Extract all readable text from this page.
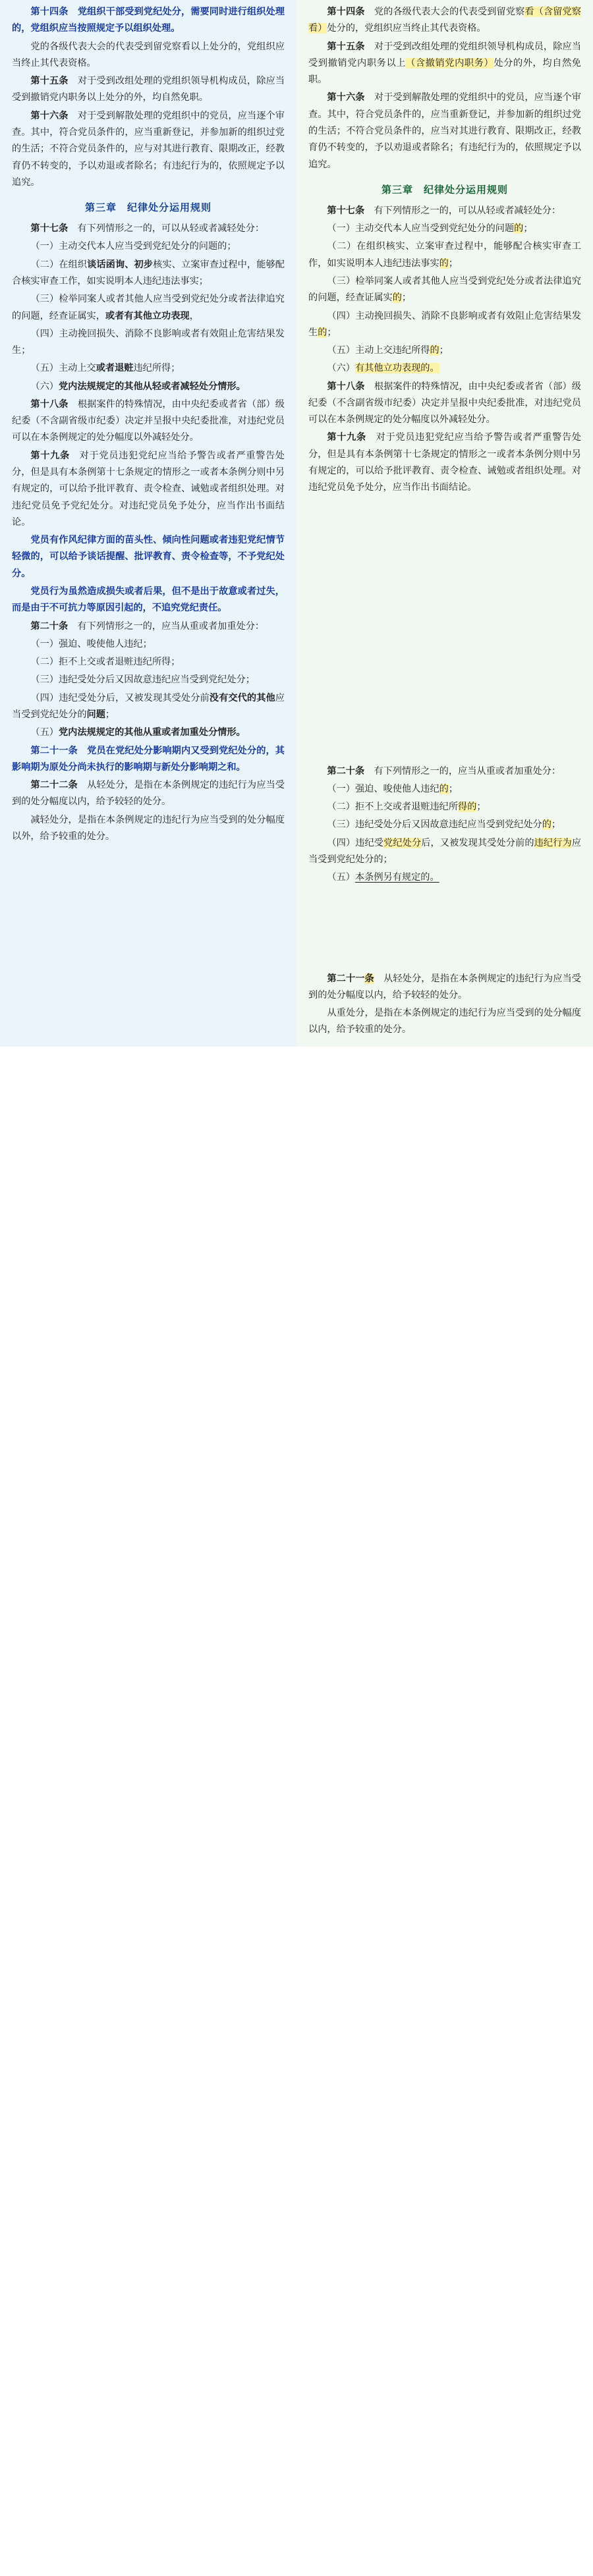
第十四条　党组织干部受到党纪处分，需要同时进行组织处理的，党组织应当按照规定予以组织处理。

党的各级代表大会的代表受到留党察看以上处分的，党组织应当终止其代表资格。

第十五条　对于受到改组处理的党组织领导机构成员，除应当受到撤销党内职务以上处分的外，均自然免职。

第十六条　对于受到解散处理的党组织中的党员，应当逐个审查。其中，符合党员条件的，应当重新登记，并参加新的组织过党的生活；不符合党员条件的，应与对其进行教育、限期改正，经教育仍不转变的，予以劝退或者除名；有违纪行为的，依照规定予以追究。

第三章　纪律处分运用规则

第十七条　有下列情形之一的，可以从轻或者减轻处分：

（一）主动交代本人应当受到党纪处分的问题的；

（二）在组织谈话函询、初步核实、立案审查过程中，能够配合核实审查工作，如实说明本人违纪违法事实；

（三）检举同案人或者其他人应当受到党纪处分或者法律追究的问题，经查证属实，或者有其他立功表现，

（四）主动挽回损失、消除不良影响或者有效阻止危害结果发生；

（五）主动上交或者退赃违纪所得；

（六）党内法规规定的其他从轻或者减轻处分情形。

第十八条　根据案件的特殊情况，由中央纪委或者省（部）级纪委（不含副省级市纪委）决定并呈报中央纪委批准，对违纪党员可以在本条例规定的处分幅度以外减轻处分。

第十九条　对于党员违犯党纪应当给予警告或者严重警告处分，但是具有本条例第十七条规定的情形之一或者本条例分则中另有规定的，可以给予批评教育、责令检查、诫勉或者组织处理。对违纪党员免予党纪处分。对违纪党员免予处分，应当作出书面结论。

党员有作风纪律方面的苗头性、倾向性问题或者违犯党纪情节轻微的，可以给予谈话提醒、批评教育、责令检查等，不予党纪处分。

党员行为虽然造成损失或者后果，但不是出于故意或者过失，而是由于不可抗力等原因引起的，不追究党纪责任。

第二十条　有下列情形之一的，应当从重或者加重处分：

（一）强迫、唆使他人违纪；

（二）拒不上交或者退赃违纪所得；

（三）违纪受处分后又因故意违纪应当受到党纪处分；

（四）违纪受处分后，又被发现其受处分前没有交代的其他应当受到党纪处分的问题；

（五）党内法规规定的其他从重或者加重处分情形。

第二十一条　党员在党纪处分影响期内又受到党纪处分的，其影响期为原处分尚未执行的影响期与新处分影响期之和。

第二十二条　从轻处分，是指在本条例规定的违纪行为应当受到的处分幅度以内，给予较轻的处分。

减轻处分，是指在本条例规定的违纪行为应当受到的处分幅度以外，给予较重的处分。

第十四条　党的各级代表大会的代表受到留党察看（含留党察看）处分的，党组织应当终止其代表资格。

第十五条　对于受到改组处理的党组织领导机构成员，除应当受到撤销党内职务以上（含撤销党内职务）处分的外，均自然免职。

第十六条　对于受到解散处理的党组织中的党员，应当逐个审查。其中，符合党员条件的，应当重新登记，并参加新的组织过党的生活；不符合党员条件的，应当对其进行教育、限期改正，经教育仍不转变的，予以劝退或者除名；有违纪行为的，依照规定予以追究。

第三章　纪律处分运用规则

第十七条　有下列情形之一的，可以从轻或者减轻处分：

（一）主动交代本人应当受到党纪处分的问题的；

（二）在组织核实、立案审查过程中，能够配合核实审查工作，如实说明本人违纪违法事实的；

（三）检举同案人或者其他人应当受到党纪处分或者法律追究的问题，经查证属实的；

（四）主动挽回损失、消除不良影响或者有效阻止危害结果发生的；

（五）主动上交违纪所得的；

（六）有其他立功表现的。

第十八条　根据案件的特殊情况，由中央纪委或者省（部）级纪委（不含副省级市纪委）决定并呈报中央纪委批准，对违纪党员可以在本条例规定的处分幅度以外减轻处分。

第十九条　对于党员违犯党纪应当给予警告或者严重警告处分，但是具有本条例第十七条规定的情形之一或者本条例分则中另有规定的，可以给予批评教育、责令检查、诫勉或者组织处理。对违纪党员免予处分，应当作出书面结论。

第二十条　有下列情形之一的，应当从重或者加重处分：

（一）强迫、唆使他人违纪的；

（二）拒不上交或者退赃违纪所得的；

（三）违纪受处分后又因故意违纪应当受到党纪处分的；

（四）违纪受党纪处分后，又被发现其受处分前的违纪行为应当受到党纪处分的；

（五）本条例另有规定的。

第二十一条　从轻处分，是指在本条例规定的违纪行为应当受到的处分幅度以内，给予较轻的处分。

从重处分，是指在本条例规定的违纪行为应当受到的处分幅度以内，给予较重的处分。
